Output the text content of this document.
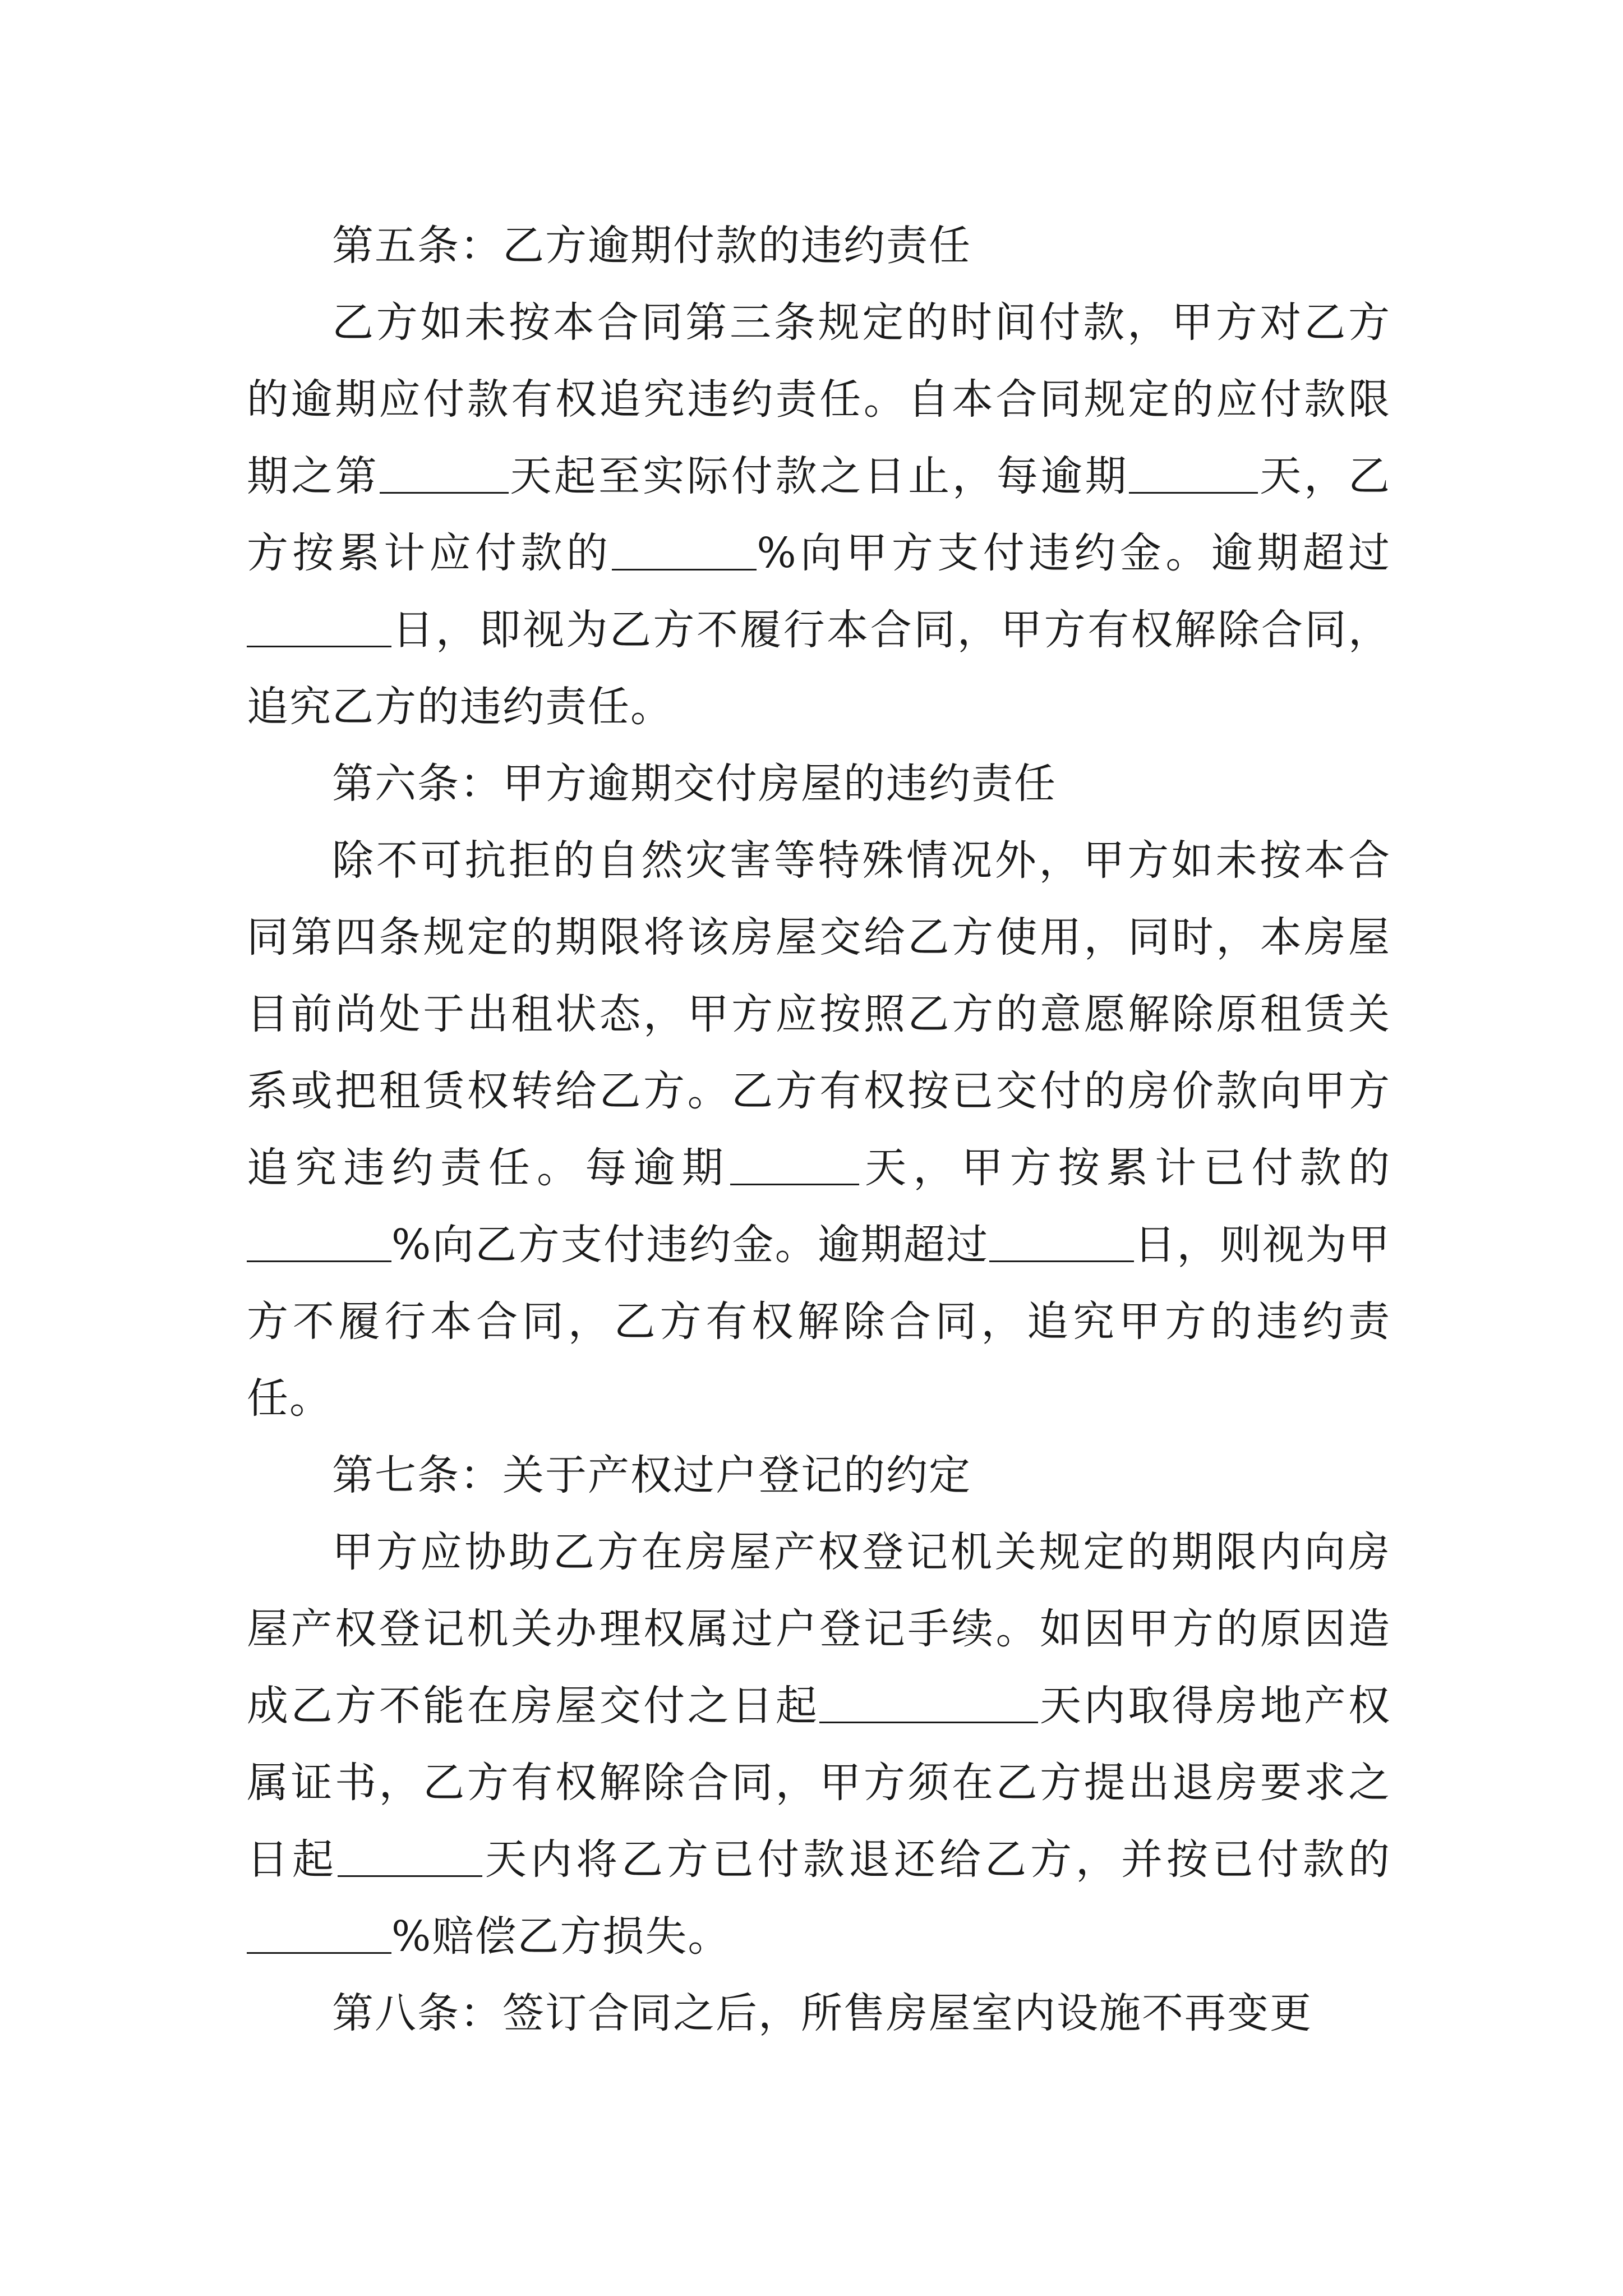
第五条：乙方逾期付款的违约责任

乙方如未按本合同第三条规定的时间付款，甲方对乙方的逾期应付款有权追究违约责任。自本合同规定的应付款限期之第	天起至实际付款之日止，每逾期	天，乙方按累计应付款的	%向甲方支付违约金。逾期超过日，即视为乙方不履行本合同，甲方有权解除合同，追究乙方的违约责任。

第六条：甲方逾期交付房屋的违约责任

除不可抗拒的自然灾害等特殊情况外，甲方如未按本合同第四条规定的期限将该房屋交给乙方使用，同时，本房屋目前尚处于出租状态，甲方应按照乙方的意愿解除原租赁关系或把租赁权转给乙方。乙方有权按已交付的房价款向甲方追究违约责任。每逾期	天，甲方按累计已付款的%向乙方支付违约金。逾期超过	日，则视为甲方不履行本合同，乙方有权解除合同，追究甲方的违约责任。

第七条：关于产权过户登记的约定

甲方应协助乙方在房屋产权登记机关规定的期限内向房屋产权登记机关办理权属过户登记手续。如因甲方的原因造成乙方不能在房屋交付之日起	天内取得房地产权属证书，乙方有权解除合同，甲方须在乙方提出退房要求之日起	天内将乙方已付款退还给乙方，并按已付款的%赔偿乙方损失。

第八条：签订合同之后，所售房屋室内设施不再变更
